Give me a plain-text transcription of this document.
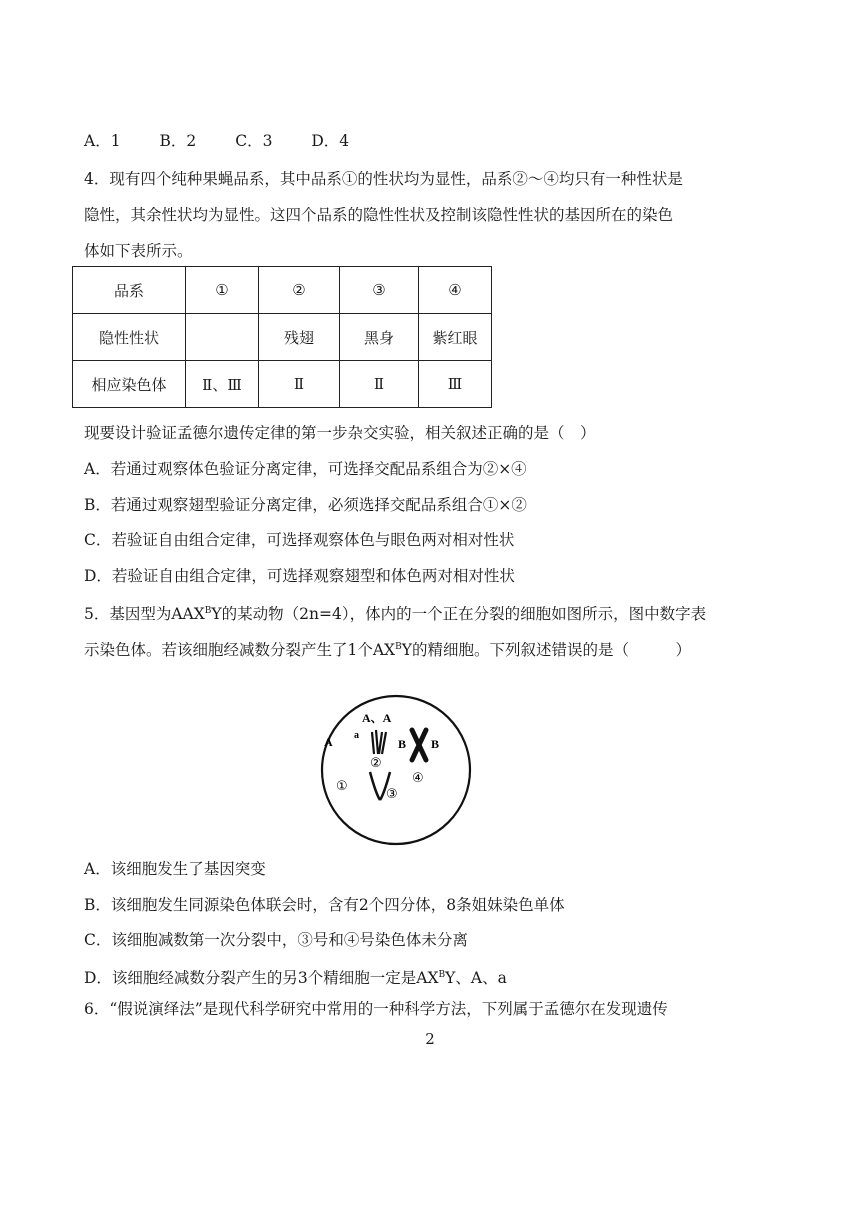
A．1	B．2	C．3	D．4
4．现有四个纯种果蝇品系，其中品系①的性状均为显性，品系②～④均只有一种性状是
隐性，其余性状均为显性。这四个品系的隐性性状及控制该隐性性状的基因所在的染色
体如下表所示。
品系	①	②	③	④
隐性性状		残翅	黑身	紫红眼
相应染色体	Ⅱ、Ⅲ	Ⅱ	Ⅱ	Ⅲ
现要设计验证孟德尔遗传定律的第一步杂交实验，相关叙述正确的是（　）
A．若通过观察体色验证分离定律，可选择交配品系组合为②×④
B．若通过观察翅型验证分离定律，必须选择交配品系组合①×②
C．若验证自由组合定律，可选择观察体色与眼色两对相对性状
D．若验证自由组合定律，可选择观察翅型和体色两对相对性状
5．基因型为$AAX^BY$的某动物（2n=4），体内的一个正在分裂的细胞如图所示，图中数字表
示染色体。若该细胞经减数分裂产生了1个$AX^BY$的精细胞。下列叙述错误的是（　　　）
A、A
A a
②
B B
④
①
③
A．该细胞发生了基因突变
B．该细胞发生同源染色体联会时，含有2个四分体，8条姐妹染色单体
C．该细胞减数第一次分裂中，③号和④号染色体未分离
D．该细胞经减数分裂产生的另3个精细胞一定是$AX^BY$、A、a
6．“假说演绎法”是现代科学研究中常用的一种科学方法，下列属于孟德尔在发现遗传
2
